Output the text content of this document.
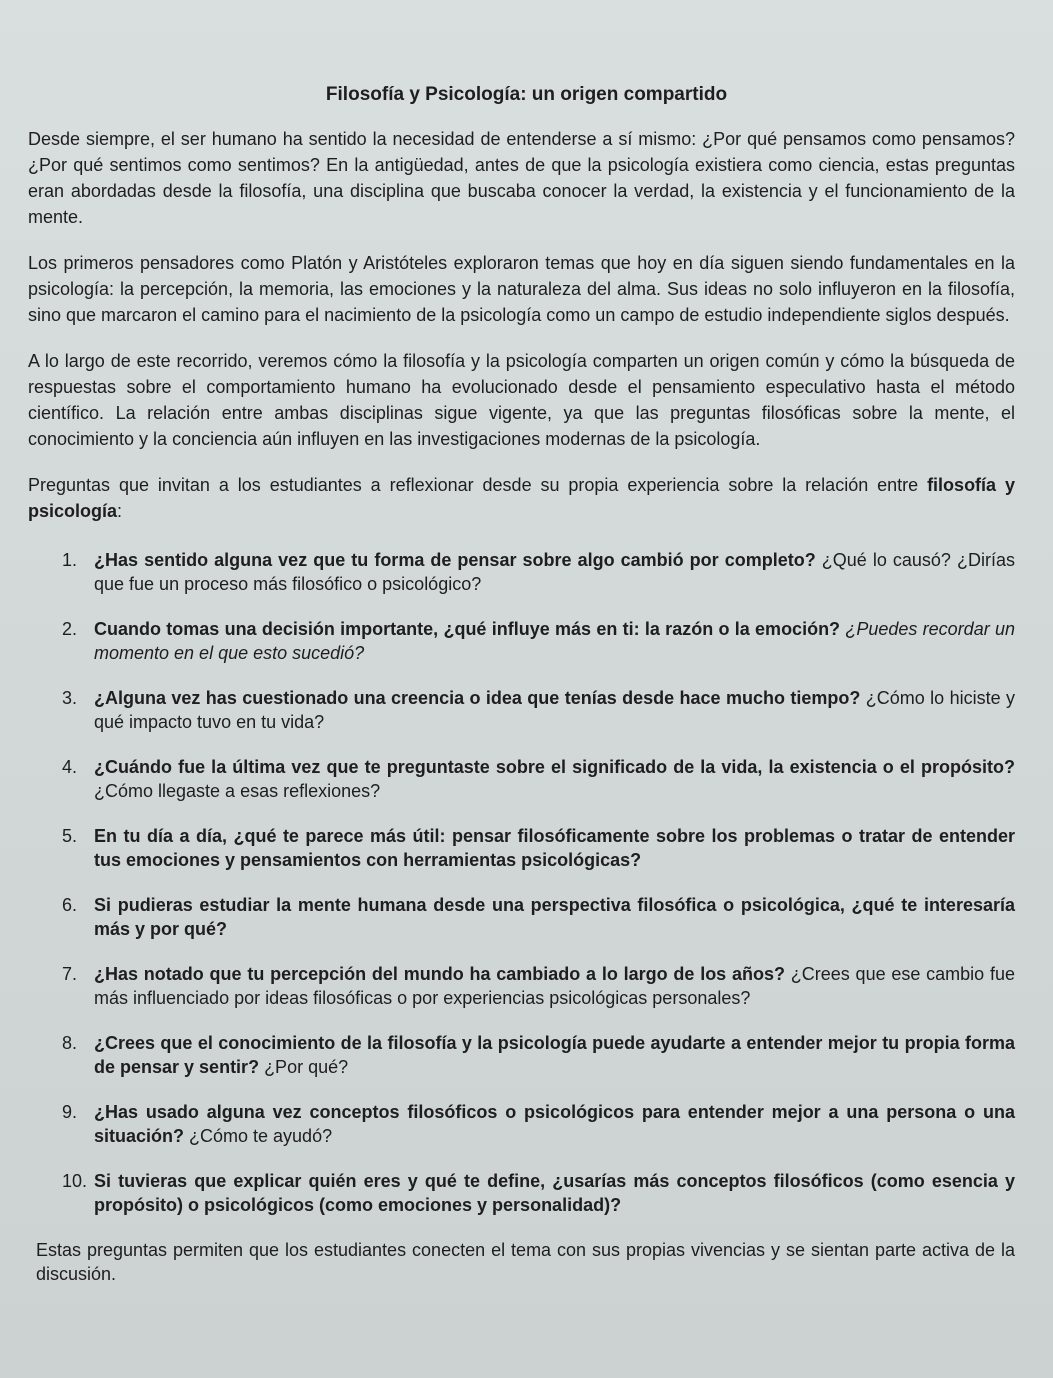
Filosofía y Psicología: un origen compartido

Desde siempre, el ser humano ha sentido la necesidad de entenderse a sí mismo: ¿Por qué pensamos como pensamos? ¿Por qué sentimos como sentimos? En la antigüedad, antes de que la psicología existiera como ciencia, estas preguntas eran abordadas desde la filosofía, una disciplina que buscaba conocer la verdad, la existencia y el funcionamiento de la mente.

Los primeros pensadores como Platón y Aristóteles exploraron temas que hoy en día siguen siendo fundamentales en la psicología: la percepción, la memoria, las emociones y la naturaleza del alma. Sus ideas no solo influyeron en la filosofía, sino que marcaron el camino para el nacimiento de la psicología como un campo de estudio independiente siglos después.

A lo largo de este recorrido, veremos cómo la filosofía y la psicología comparten un origen común y cómo la búsqueda de respuestas sobre el comportamiento humano ha evolucionado desde el pensamiento especulativo hasta el método científico. La relación entre ambas disciplinas sigue vigente, ya que las preguntas filosóficas sobre la mente, el conocimiento y la conciencia aún influyen en las investigaciones modernas de la psicología.

Preguntas que invitan a los estudiantes a reflexionar desde su propia experiencia sobre la relación entre filosofía y psicología:

1. ¿Has sentido alguna vez que tu forma de pensar sobre algo cambió por completo? ¿Qué lo causó? ¿Dirías que fue un proceso más filosófico o psicológico?
2. Cuando tomas una decisión importante, ¿qué influye más en ti: la razón o la emoción? ¿Puedes recordar un momento en el que esto sucedió?
3. ¿Alguna vez has cuestionado una creencia o idea que tenías desde hace mucho tiempo? ¿Cómo lo hiciste y qué impacto tuvo en tu vida?
4. ¿Cuándo fue la última vez que te preguntaste sobre el significado de la vida, la existencia o el propósito? ¿Cómo llegaste a esas reflexiones?
5. En tu día a día, ¿qué te parece más útil: pensar filosóficamente sobre los problemas o tratar de entender tus emociones y pensamientos con herramientas psicológicas?
6. Si pudieras estudiar la mente humana desde una perspectiva filosófica o psicológica, ¿qué te interesaría más y por qué?
7. ¿Has notado que tu percepción del mundo ha cambiado a lo largo de los años? ¿Crees que ese cambio fue más influenciado por ideas filosóficas o por experiencias psicológicas personales?
8. ¿Crees que el conocimiento de la filosofía y la psicología puede ayudarte a entender mejor tu propia forma de pensar y sentir? ¿Por qué?
9. ¿Has usado alguna vez conceptos filosóficos o psicológicos para entender mejor a una persona o una situación? ¿Cómo te ayudó?
10. Si tuvieras que explicar quién eres y qué te define, ¿usarías más conceptos filosóficos (como esencia y propósito) o psicológicos (como emociones y personalidad)?

Estas preguntas permiten que los estudiantes conecten el tema con sus propias vivencias y se sientan parte activa de la discusión.
